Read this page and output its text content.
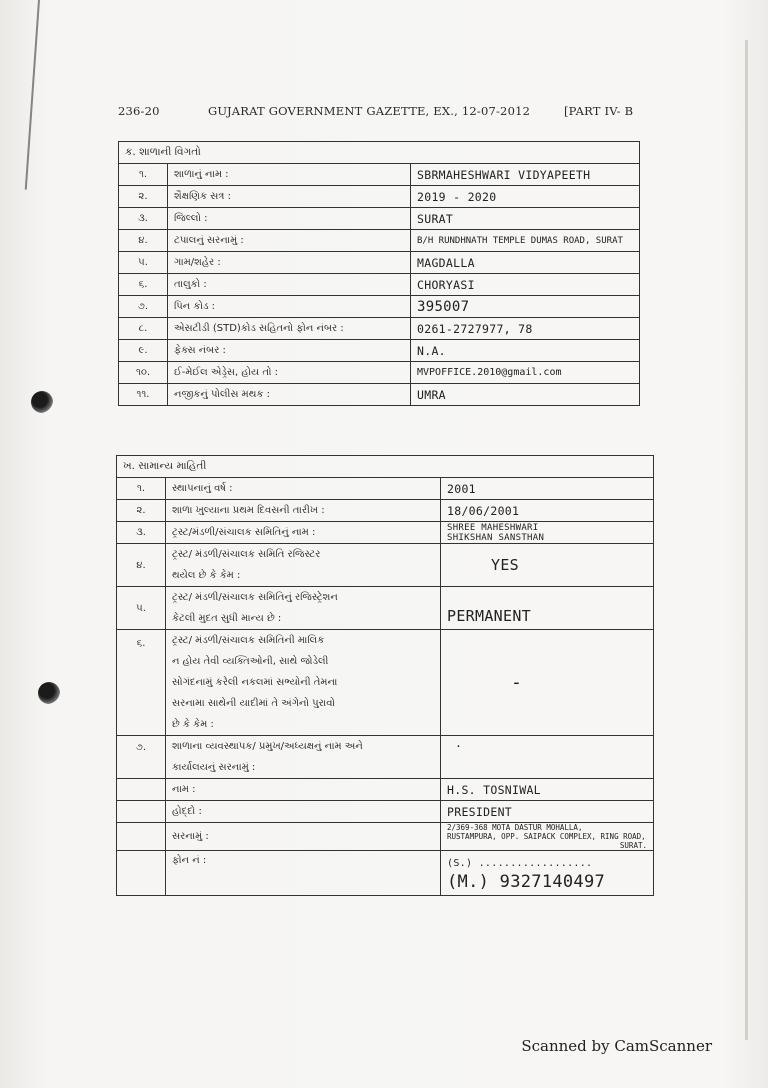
236-20	GUJARAT GOVERNMENT GAZETTE, EX., 12-07-2012	[PART IV- B
ક. શાળાની વિગતો		
૧.	શાળાનું નામ :	SBRMAHESHWARI VIDYAPEETH
૨.	શૈક્ષણિક સત્ર :	2019 - 2020
૩.	જિલ્લો :	SURAT
૪.	ટપાલનું સરનામું :	B/H RUNDHNATH TEMPLE DUMAS ROAD, SURAT
૫.	ગામ/શહેર :	MAGDALLA
૬.	તાલુકો :	CHORYASI
૭.	પિન કોડ :	395007
૮.	એસટીડી (STD)કોડ સહિતનો ફોન નંબર :	0261-2727977, 78
૯.	ફેક્સ નંબર :	N.A.
૧૦.	ઈ-મેઈલ એડ્રેસ, હોય તો :	MVPOFFICE.2010@gmail.com
૧૧.	નજીકનું પોલીસ મથક :	UMRA
ખ. સામાન્ય માહિતી		
૧.	સ્થાપનાનું વર્ષ :	2001
૨.	શાળા ખુલ્યાના પ્રથમ દિવસની તારીખ :	18/06/2001
૩.	ટ્રસ્ટ/મંડળી/સંચાલક સમિતિનું નામ :	SHREE MAHESHWARI
SHIKSHAN SANSTHAN

૪.	ટ્રસ્ટ/ મંડળી/સંચાલક સમિતિ રજિસ્ટર
થયેલ છે કે કેમ :	YES
૫.	ટ્રસ્ટ/ મંડળી/સંચાલક સમિતિનું રજિસ્ટ્રેશન
કેટલી મુદત સુધી માન્ય છે :	PERMANENT
૬.	ટ્રસ્ટ/ મંડળી/સંચાલક સમિતિની માલિક
ન હોય તેવી વ્યક્તિઓની, સાથે જોડેલી
સોગંદનામું કરેલી નકલમાં સભ્યોની તેમના
સરનામા સાથેની યાદીમાં તે અંગેનો પુરાવો
છે કે કેમ :	-
૭.	શાળાના વ્યવસ્થાપક/ પ્રમુખ/અધ્યક્ષનું નામ અને
કાર્યાલયનું સરનામું :	.
	નામ :	H.S. TOSNIWAL
	હોદ્દો :	PRESIDENT
	સરનામું :	2/369-368 MOTA DASTUR MOHALLA,
RUSTAMPURA, OPP. SAIPACK COMPLEX, RING ROAD,
SURAT.

	ફોન નં :	(S.) ..................
(M.) 9327140497
Scanned by CamScanner
